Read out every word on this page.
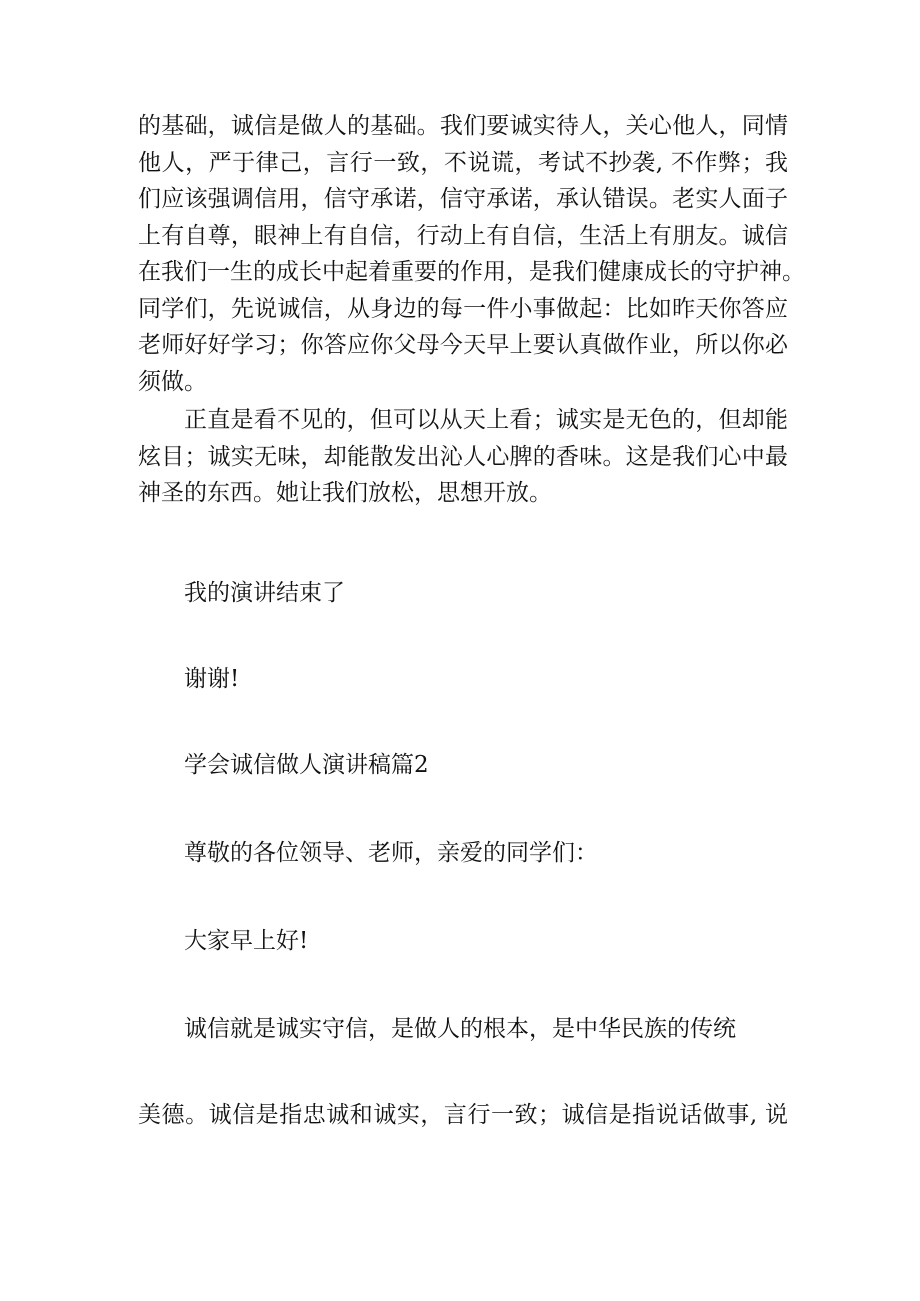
的基础，诚信是做人的基础。我们要诚实待人，关心他人，同情
他人，严于律己，言行一致，不说谎，考试不抄袭, 不作弊；我
们应该强调信用，信守承诺，信守承诺，承认错误。老实人面子
上有自尊，眼神上有自信，行动上有自信，生活上有朋友。诚信
在我们一生的成长中起着重要的作用，是我们健康成长的守护神。
同学们，先说诚信，从身边的每一件小事做起：比如昨天你答应
老师好好学习；你答应你父母今天早上要认真做作业，所以你必
须做。
正直是看不见的，但可以从天上看；诚实是无色的，但却能
炫目；诚实无味，却能散发出沁人心脾的香味。这是我们心中最
神圣的东西。她让我们放松，思想开放。

我的演讲结束了

谢谢!

学会诚信做人演讲稿篇2

尊敬的各位领导、老师，亲爱的同学们：

大家早上好!

诚信就是诚实守信，是做人的根本，是中华民族的传统

美德。诚信是指忠诚和诚实，言行一致；诚信是指说话做事, 说
